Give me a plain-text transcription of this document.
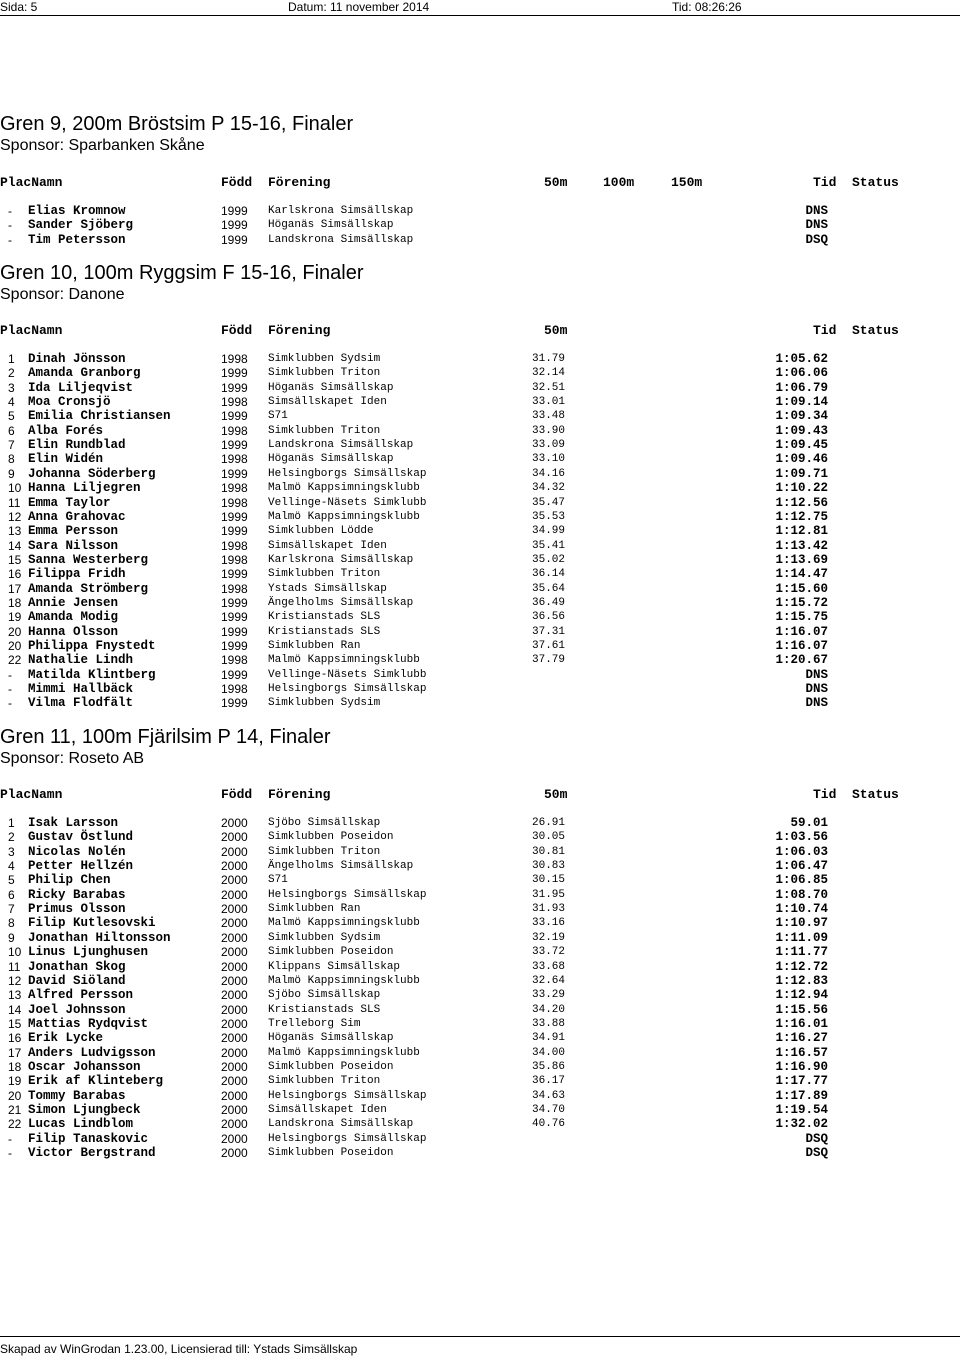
Sida: 5	Datum: 11 november 2014	Tid: 08:26:26
Gren 9, 200m Bröstsim P 15-16, Finaler
Sponsor: Sparbanken Skåne
PlacNamn	Född Förening	50m	100m	150m	Tid Status
- Elias Kromnow	1999 Karlskrona Simsällskap	DNS
- Sander Sjöberg	1999 Höganäs Simsällskap	DNS
- Tim Petersson	1999 Landskrona Simsällskap	DSQ
Gren 10, 100m Ryggsim F 15-16, Finaler
Sponsor: Danone
PlacNamn	Född Förening	50m	Tid Status
1 Dinah Jönsson	1998 Simklubben Sydsim	31.79	1:05.62
2 Amanda Granborg	1999 Simklubben Triton	32.14	1:06.06
3 Ida Liljeqvist	1999 Höganäs Simsällskap	32.51	1:06.79
4 Moa Cronsjö	1998 Simsällskapet Iden	33.01	1:09.14
5 Emilia Christiansen	1999 S71	33.48	1:09.34
6 Alba Forés	1998 Simklubben Triton	33.90	1:09.43
7 Elin Rundblad	1999 Landskrona Simsällskap	33.09	1:09.45
8 Elin Widén	1998 Höganäs Simsällskap	33.10	1:09.46
9 Johanna Söderberg	1999 Helsingborgs Simsällskap	34.16	1:09.71
10 Hanna Liljegren	1998 Malmö Kappsimningsklubb	34.32	1:10.22
11 Emma Taylor	1998 Vellinge-Näsets Simklubb	35.47	1:12.56
12 Anna Grahovac	1999 Malmö Kappsimningsklubb	35.53	1:12.75
13 Emma Persson	1999 Simklubben Lödde	34.99	1:12.81
14 Sara Nilsson	1998 Simsällskapet Iden	35.41	1:13.42
15 Sanna Westerberg	1998 Karlskrona Simsällskap	35.02	1:13.69
16 Filippa Fridh	1999 Simklubben Triton	36.14	1:14.47
17 Amanda Strömberg	1998 Ystads Simsällskap	35.64	1:15.60
18 Annie Jensen	1999 Ängelholms Simsällskap	36.49	1:15.72
19 Amanda Modig	1999 Kristianstads SLS	36.56	1:15.75
20 Hanna Olsson	1999 Kristianstads SLS	37.31	1:16.07
20 Philippa Fnystedt	1999 Simklubben Ran	37.61	1:16.07
22 Nathalie Lindh	1998 Malmö Kappsimningsklubb	37.79	1:20.67
- Matilda Klintberg	1999 Vellinge-Näsets Simklubb	DNS
- Mimmi Hallbäck	1998 Helsingborgs Simsällskap	DNS
- Vilma Flodfält	1999 Simklubben Sydsim	DNS
Gren 11, 100m Fjärilsim P 14, Finaler
Sponsor: Roseto AB
PlacNamn	Född Förening	50m	Tid Status
1 Isak Larsson	2000 Sjöbo Simsällskap	26.91	59.01
2 Gustav Östlund	2000 Simklubben Poseidon	30.05	1:03.56
3 Nicolas Nolén	2000 Simklubben Triton	30.81	1:06.03
4 Petter Hellzén	2000 Ängelholms Simsällskap	30.83	1:06.47
5 Philip Chen	2000 S71	30.15	1:06.85
6 Ricky Barabas	2000 Helsingborgs Simsällskap	31.95	1:08.70
7 Primus Olsson	2000 Simklubben Ran	31.93	1:10.74
8 Filip Kutlesovski	2000 Malmö Kappsimningsklubb	33.16	1:10.97
9 Jonathan Hiltonsson	2000 Simklubben Sydsim	32.19	1:11.09
10 Linus Ljunghusen	2000 Simklubben Poseidon	33.72	1:11.77
11 Jonathan Skog	2000 Klippans Simsällskap	33.68	1:12.72
12 David Siöland	2000 Malmö Kappsimningsklubb	32.64	1:12.83
13 Alfred Persson	2000 Sjöbo Simsällskap	33.29	1:12.94
14 Joel Johnsson	2000 Kristianstads SLS	34.20	1:15.56
15 Mattias Rydqvist	2000 Trelleborg Sim	33.88	1:16.01
16 Erik Lycke	2000 Höganäs Simsällskap	34.91	1:16.27
17 Anders Ludvigsson	2000 Malmö Kappsimningsklubb	34.00	1:16.57
18 Oscar Johansson	2000 Simklubben Poseidon	35.86	1:16.90
19 Erik af Klinteberg	2000 Simklubben Triton	36.17	1:17.77
20 Tommy Barabas	2000 Helsingborgs Simsällskap	34.63	1:17.89
21 Simon Ljungbeck	2000 Simsällskapet Iden	34.70	1:19.54
22 Lucas Lindblom	2000 Landskrona Simsällskap	40.76	1:32.02
- Filip Tanaskovic	2000 Helsingborgs Simsällskap	DSQ
- Victor Bergstrand	2000 Simklubben Poseidon	DSQ
Skapad av WinGrodan 1.23.00, Licensierad till: Ystads Simsällskap
